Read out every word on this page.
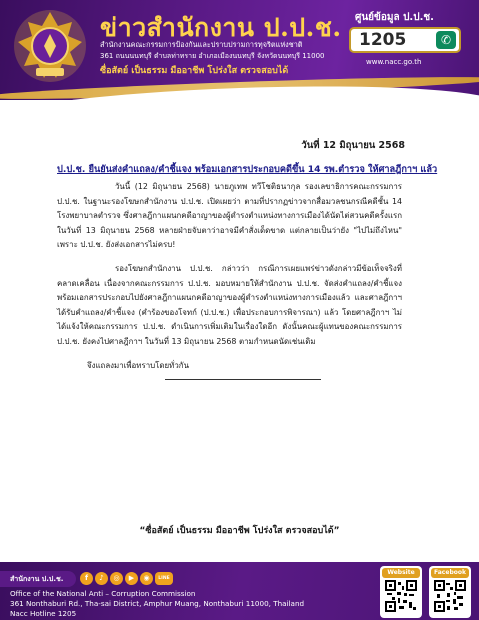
ข่าวสำนักงาน ป.ป.ช.
สำนักงานคณะกรรมการป้องกันและปราบปรามการทุจริตแห่งชาติ
361 ถนนนนทบุรี ตำบลท่าทราย อำเภอเมืองนนทบุรี จังหวัดนนทบุรี 11000
ซื่อสัตย์ เป็นธรรม มืออาชีพ โปร่งใส ตรวจสอบได้
ศูนย์ข้อมูล ป.ป.ช.
1205	✆
www.nacc.go.th
วันที่ 12 มิถุนายน 2568
ป.ป.ช. ยืนยันส่งคำแถลง/คำชี้แจง พร้อมเอกสารประกอบคดีขึ้น 14 รพ.ตำรวจ ให้ศาลฎีกาฯ แล้ว
วันนี้ (12 มิถุนายน 2568) นายภูเทพ ทวีโชติธนากุล รองเลขาธิการคณะกรรมการ ป.ป.ช. ในฐานะรองโฆษกสำนักงาน ป.ป.ช. เปิดเผยว่า ตามที่ปรากฏข่าวจากสื่อมวลชนกรณีคดีชั้น 14 โรงพยาบาลตำรวจ ซึ่งศาลฎีกาแผนกคดีอาญาของผู้ดำรงตำแหน่งทางการเมืองได้นัดไต่สวนคดีครั้งแรกในวันที่ 13 มิถุนายน 2568 หลายฝ่ายจับตาว่าอาจมีคำสั่งเด็ดขาด แต่กลายเป็นว่ายัง "ไปไม่ถึงไหน" เพราะ ป.ป.ช. ยังส่งเอกสารไม่ครบ!
รองโฆษกสำนักงาน ป.ป.ช. กล่าวว่า กรณีการเผยแพร่ข่าวดังกล่าวมีข้อเท็จจริงที่คลาดเคลื่อน เนื่องจากคณะกรรมการ ป.ป.ช. มอบหมายให้สำนักงาน ป.ป.ช. จัดส่งคำแถลง/คำชี้แจง พร้อมเอกสารประกอบไปยังศาลฎีกาแผนกคดีอาญาของผู้ดำรงตำแหน่งทางการเมืองแล้ว และศาลฎีกาฯ ได้รับคำแถลง/คำชี้แจง (คำร้องของโจทก์ (ป.ป.ช.) เพื่อประกอบการพิจารณา) แล้ว โดยศาลฎีกาฯ ไม่ได้แจ้งให้คณะกรรมการ ป.ป.ช. ดำเนินการเพิ่มเติมในเรื่องใดอีก ดังนั้นคณะผู้แทนของคณะกรรมการ ป.ป.ช. ยังคงไปศาลฎีกาฯ ในวันที่ 13 มิถุนายน 2568 ตามกำหนดนัดเช่นเดิม
จึงแถลงมาเพื่อทราบโดยทั่วกัน
“ซื่อสัตย์ เป็นธรรม มืออาชีพ โปร่งใส ตรวจสอบได้”
สำนักงาน ป.ป.ช.	f	♪	◎	▶	◉	LINE
Office of the National Anti – Corruption Commission
361 Nonthaburi Rd., Tha-sai District, Amphur Muang, Nonthaburi 11000, Thailand
Nacc Hotline 1205
Website	Facebook
